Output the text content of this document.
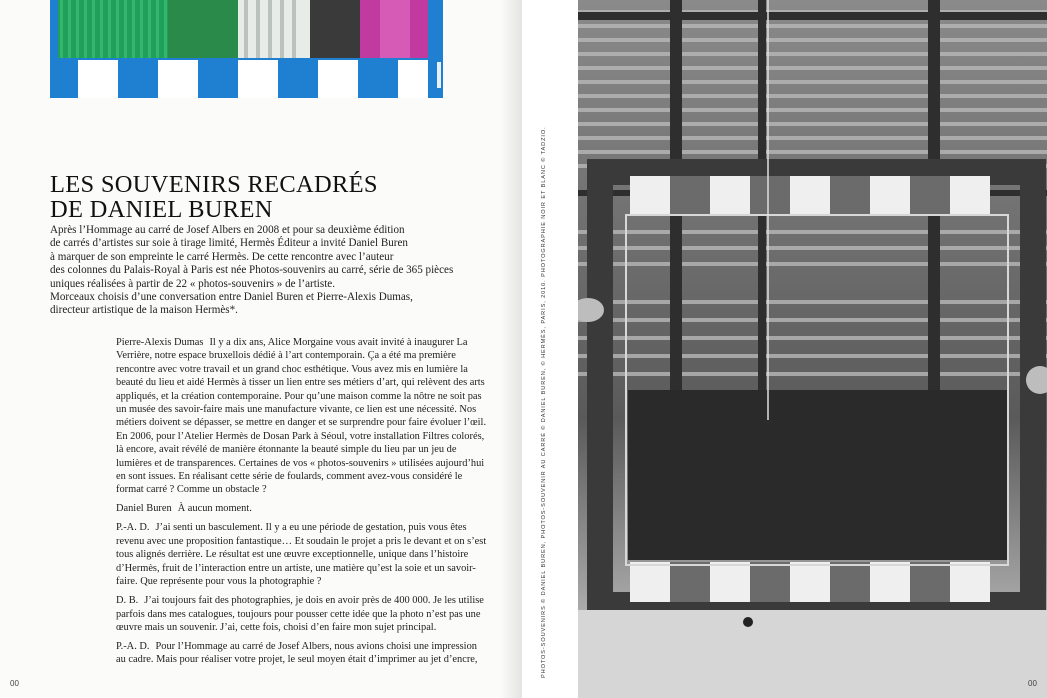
LES SOUVENIRS RECADRÉS
DE DANIEL BUREN

Après l’Hommage au carré de Josef Albers en 2008 et pour sa deuxième édition

de carrés d’artistes sur soie à tirage limité, Hermès Éditeur a invité Daniel Buren

à marquer de son empreinte le carré Hermès. De cette rencontre avec l’auteur

des colonnes du Palais-Royal à Paris est née Photos-souvenirs au carré, série de 365 pièces

uniques réalisées à partir de 22 « photos-souvenirs » de l’artiste.

Morceaux choisis d’une conversation entre Daniel Buren et Pierre-Alexis Dumas,

directeur artistique de la maison Hermès*.

Pierre-Alexis Dumas Il y a dix ans, Alice Morgaine vous avait invité à inaugurer La Verrière, notre espace bruxellois dédié à l’art contemporain. Ça a été ma première rencontre avec votre travail et un grand choc esthétique. Vous avez mis en lumière la beauté du lieu et aidé Hermès à tisser un lien entre ses métiers d’art, qui relèvent des arts appliqués, et la création contemporaine. Pour qu’une maison comme la nôtre ne soit pas un musée des savoir-faire mais une manufacture vivante, ce lien est une nécessité. Nos métiers doivent se dépasser, se mettre en danger et se surprendre pour faire évoluer l’œil. En 2006, pour l’Atelier Hermès de Dosan Park à Séoul, votre installation Filtres colorés, là encore, avait révélé de manière étonnante la beauté simple du lieu par un jeu de lumières et de transparences. Certaines de vos « photos-souvenirs » utilisées aujourd’hui en sont issues. En réalisant cette série de foulards, comment avez-vous considéré le format carré ? Comme un obstacle ?

Daniel Buren À aucun moment.

P.-A. D. J’ai senti un basculement. Il y a eu une période de gestation, puis vous êtes revenu avec une proposition fantastique… Et soudain le projet a pris le devant et on s’est tous alignés derrière. Le résultat est une œuvre exceptionnelle, unique dans l’histoire d’Hermès, fruit de l’interaction entre un artiste, une matière qu’est la soie et un savoir-faire. Que représente pour vous la photographie ?

D. B. J’ai toujours fait des photographies, je dois en avoir près de 400 000. Je les utilise parfois dans mes catalogues, toujours pour pousser cette idée que la photo n’est pas une œuvre mais un souvenir. J’ai, cette fois, choisi d’en faire mon sujet principal.

P.-A. D. Pour l’Hommage au carré de Josef Albers, nous avions choisi une impression au cadre. Mais pour réaliser votre projet, le seul moyen était d’imprimer au jet d’encre,

00
PHOTOS-SOUVENIRS © DANIEL BUREN, PHOTOS-SOUVENIR AU CARRÉ © DANIEL BUREN, © HERMÈS, PARIS, 2010. PHOTOGRAPHIE NOIR ET BLANC © TADZIO.
00
